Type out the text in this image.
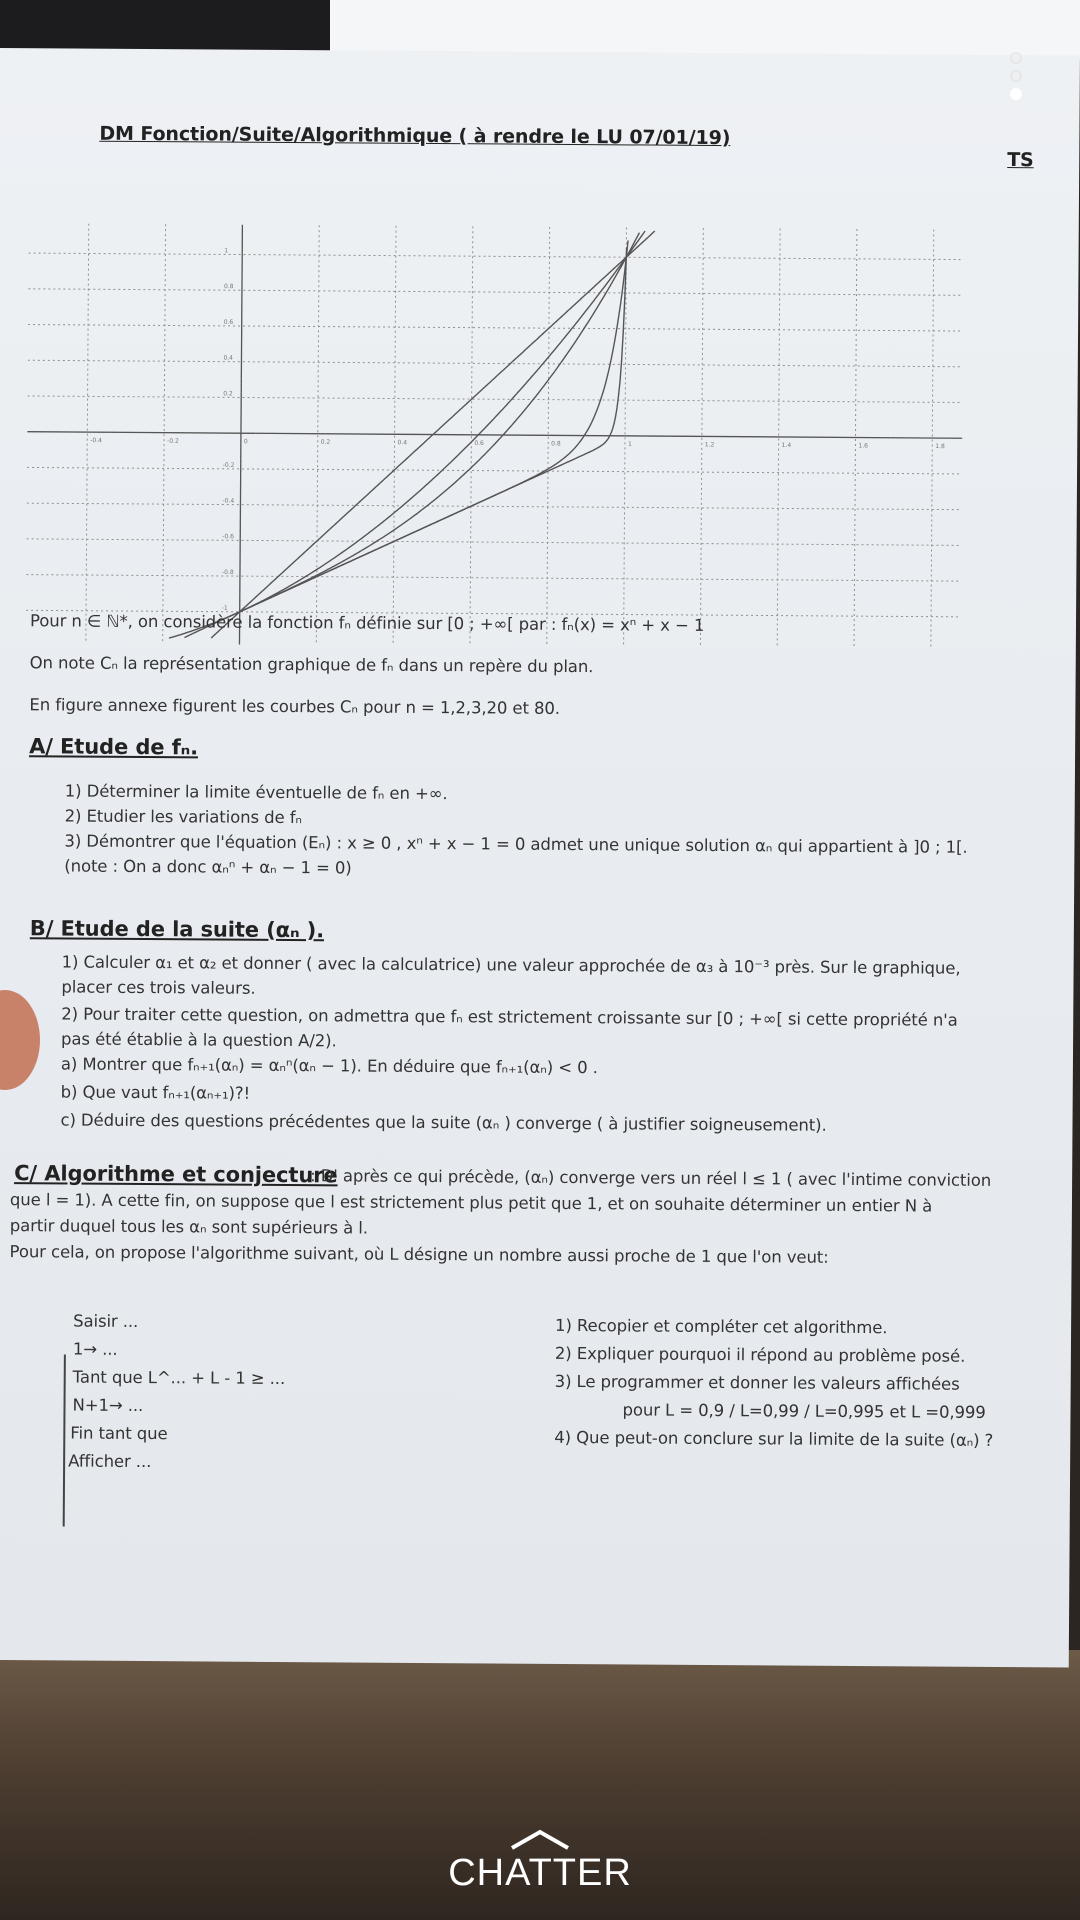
DM Fonction/Suite/Algorithmique ( à rendre le LU 07/01/19)
TS
-0.4	-0.2	0	0.2	0.4	0.6	0.8	1	1.2	1.4	1.6	1.8
-1
-0.8
-0.6
-0.4
-0.2
0.2
0.4
0.6
0.8
1
Pour n ∈ ℕ*, on considère la fonction fₙ définie sur [0 ; +∞[ par : fₙ(x) = xⁿ + x − 1
On note Cₙ la représentation graphique de fₙ dans un repère du plan.
En figure annexe figurent les courbes Cₙ pour n = 1,2,3,20 et 80.
A/ Etude de fₙ.
1) Déterminer la limite éventuelle de fₙ en +∞.
2) Etudier les variations de fₙ
3) Démontrer que l'équation (Eₙ) : x ≥ 0 , xⁿ + x − 1 = 0 admet une unique solution αₙ qui appartient à ]0 ; 1[.
(note : On a donc αₙⁿ + αₙ − 1 = 0)
B/ Etude de la suite (αₙ ).
1) Calculer α₁ et α₂ et donner ( avec la calculatrice) une valeur approchée de α₃ à 10⁻³ près. Sur le graphique,
placer ces trois valeurs.
2) Pour traiter cette question, on admettra que fₙ est strictement croissante sur [0 ; +∞[ si cette propriété n'a
pas été établie à la question A/2).
a) Montrer que fₙ₊₁(αₙ) = αₙⁿ(αₙ − 1). En déduire que fₙ₊₁(αₙ) < 0 .
b) Que vaut fₙ₊₁(αₙ₊₁)?!
c) Déduire des questions précédentes que la suite (αₙ ) converge ( à justifier soigneusement).
C/ Algorithme et conjecture
: D' après ce qui précède, (αₙ) converge vers un réel l ≤ 1 ( avec l'intime conviction
que l = 1). A cette fin, on suppose que l est strictement plus petit que 1, et on souhaite déterminer un entier N à
partir duquel tous les αₙ sont supérieurs à l.
Pour cela, on propose l'algorithme suivant, où L désigne un nombre aussi proche de 1 que l'on veut:
Saisir ...
1→ ...
Tant que L^... + L - 1 ≥ ...
N+1→ ...
Fin tant que
Afficher ...
1) Recopier et compléter cet algorithme.
2) Expliquer pourquoi il répond au problème posé.
3) Le programmer et donner les valeurs affichées
pour L = 0,9 / L=0,99 / L=0,995 et L =0,999
4) Que peut-on conclure sur la limite de la suite (αₙ) ?
CHATTER
